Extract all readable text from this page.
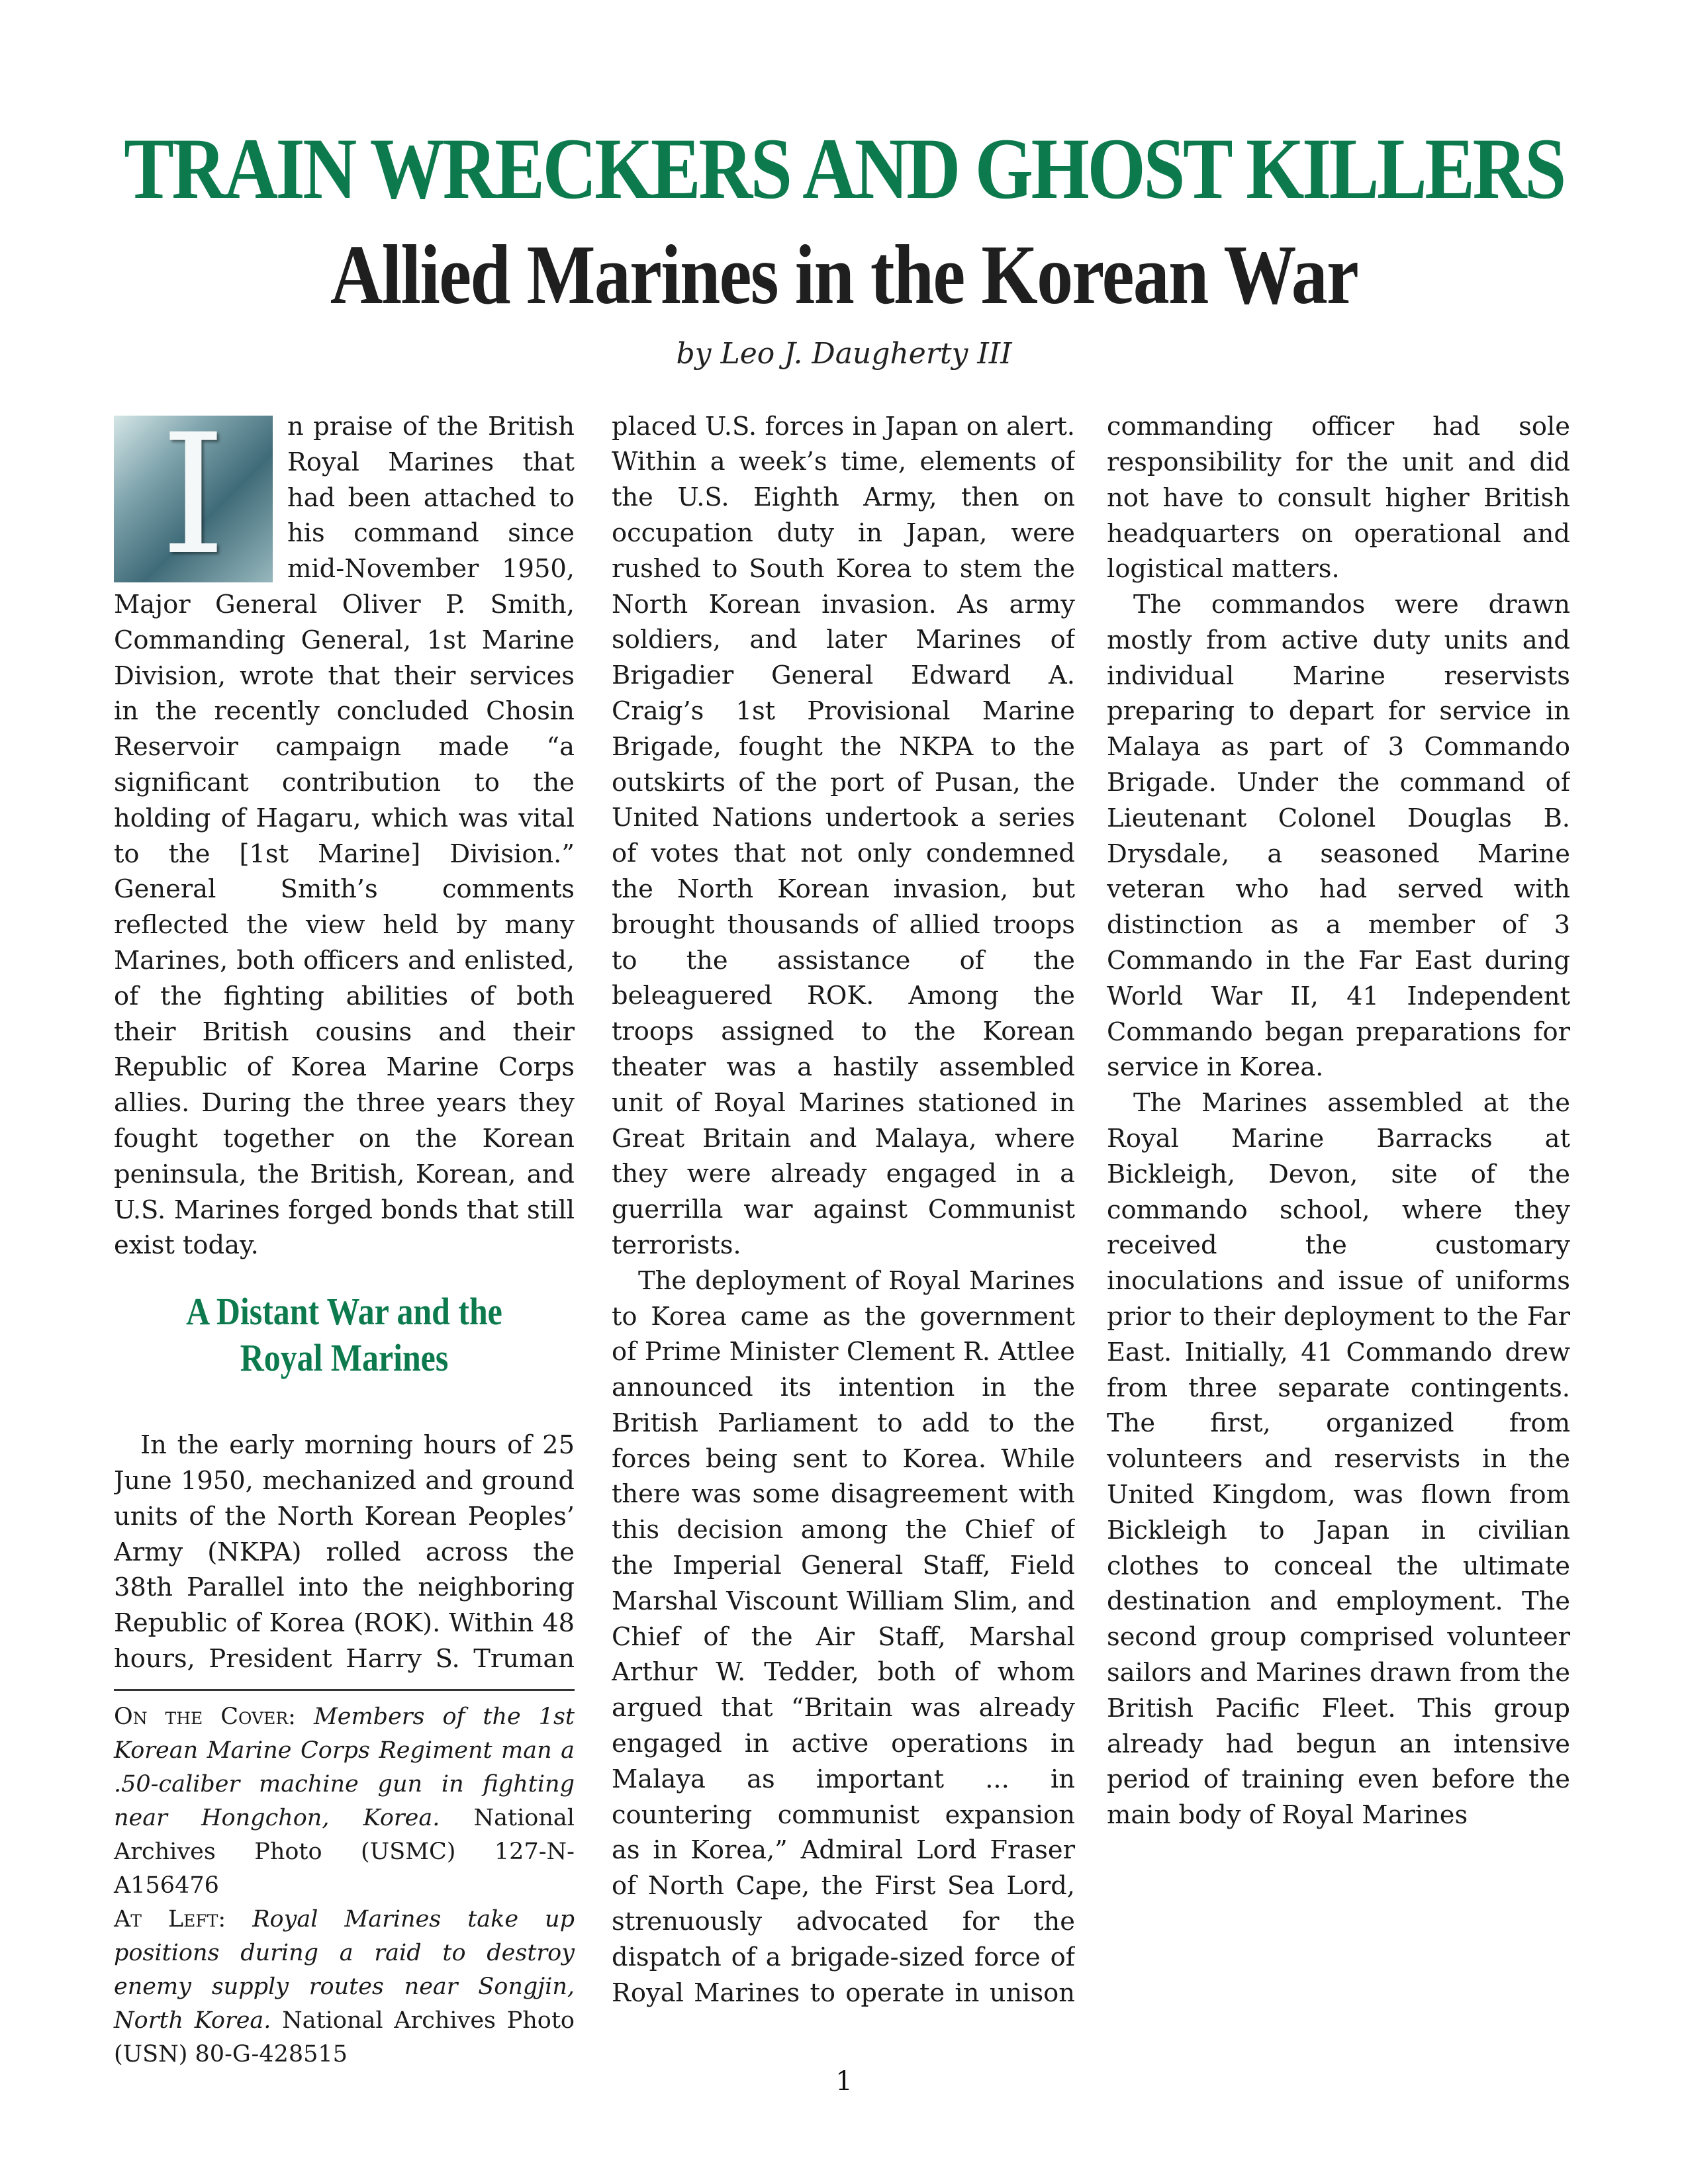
TRAIN WRECKERS AND GHOST KILLERS
Allied Marines in the Korean War
by Leo J. Daugherty III

I	n praise of the British Royal Marines that had been attached to his command since mid-November 1950, Major General Oliver P. Smith, Commanding General, 1st Marine Division, wrote that their services in the recently concluded Chosin Reservoir campaign made “a significant contribution to the holding of Hagaru, which was vital to the [1st Marine] Division.” General Smith’s comments reflected the view held by many Marines, both officers and enlisted, of the fighting abilities of both their British cousins and their Republic of Korea Marine Corps allies. During the three years they fought together on the Korean peninsula, the British, Korean, and U.S. Marines forged bonds that still exist today.

A Distant War and the
Royal Marines

In the early morning hours of 25 June 1950, mechanized and ground units of the North Korean Peoples’ Army (NKPA) rolled across the 38th Parallel into the neighboring Republic of Korea (ROK). Within 48 hours, President Harry S. Truman

On the Cover: Members of the 1st Korean Marine Corps Regiment man a .50-caliber machine gun in fighting near Hongchon, Korea. National Archives Photo (USMC) 127-N-A156476

At Left: Royal Marines take up positions during a raid to destroy enemy supply routes near Songjin, North Korea. National Archives Photo (USN) 80-G-428515

placed U.S. forces in Japan on alert. Within a week’s time, elements of the U.S. Eighth Army, then on occupation duty in Japan, were rushed to South Korea to stem the North Korean invasion. As army soldiers, and later Marines of Brigadier General Edward A. Craig’s 1st Provisional Marine Brigade, fought the NKPA to the outskirts of the port of Pusan, the United Nations undertook a series of votes that not only condemned the North Korean invasion, but brought thousands of allied troops to the assistance of the beleaguered ROK. Among the troops assigned to the Korean theater was a hastily assembled unit of Royal Marines stationed in Great Britain and Malaya, where they were already engaged in a guerrilla war against Communist terrorists.

The deployment of Royal Marines to Korea came as the government of Prime Minister Clement R. Attlee announced its intention in the British Parliament to add to the forces being sent to Korea. While there was some disagreement with this decision among the Chief of the Imperial General Staff, Field Marshal Viscount William Slim, and Chief of the Air Staff, Marshal Arthur W. Tedder, both of whom argued that “Britain was already engaged in active operations in Malaya as important ... in countering communist expansion as in Korea,” Admiral Lord Fraser of North Cape, the First Sea Lord, strenuously advocated for the dispatch of a brigade-sized force of Royal Marines to operate in unison

commanding officer had sole responsibility for the unit and did not have to consult higher British headquarters on operational and logistical matters.

The commandos were drawn mostly from active duty units and individual Marine reservists preparing to depart for service in Malaya as part of 3 Commando Brigade. Under the command of Lieutenant Colonel Douglas B. Drysdale, a seasoned Marine veteran who had served with distinction as a member of 3 Commando in the Far East during World War II, 41 Independent Commando began preparations for service in Korea.

The Marines assembled at the Royal Marine Barracks at Bickleigh, Devon, site of the commando school, where they received the customary inoculations and issue of uniforms prior to their deployment to the Far East. Initially, 41 Commando drew from three separate contingents. The first, organized from volunteers and reservists in the United Kingdom, was flown from Bickleigh to Japan in civilian clothes to conceal the ultimate destination and employment. The second group comprised volunteer sailors and Marines drawn from the British Pacific Fleet. This group already had begun an intensive period of training even before the main body of Royal Marines

1
